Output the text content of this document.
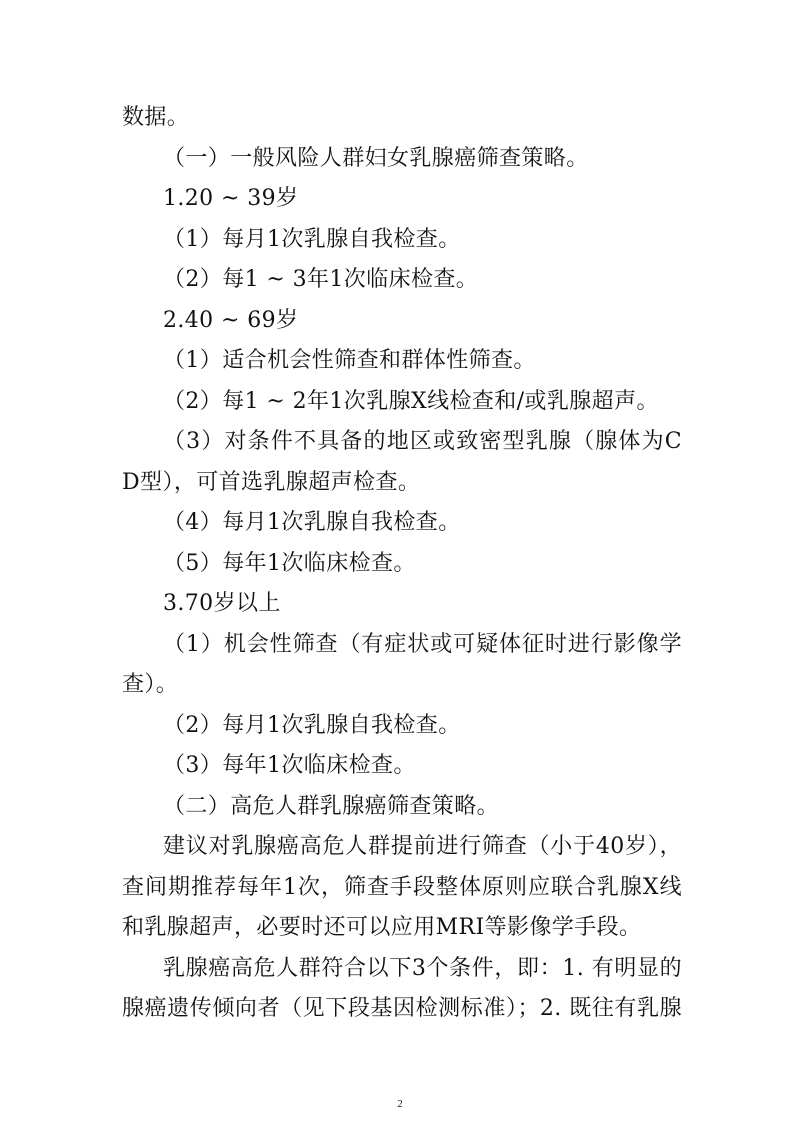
数据。
（一）一般风险人群妇女乳腺癌筛查策略。
1.20 ~ 39岁
（1）每月1次乳腺自我检查。
（2）每1 ~ 3年1次临床检查。
2.40 ~ 69岁
（1）适合机会性筛查和群体性筛查。
（2）每1 ~ 2年1次乳腺X线检查和/或乳腺超声。
（3）对条件不具备的地区或致密型乳腺（腺体为C
D型），可首选乳腺超声检查。
（4）每月1次乳腺自我检查。
（5）每年1次临床检查。
3.70岁以上
（1）机会性筛查（有症状或可疑体征时进行影像学
查）。
（2）每月1次乳腺自我检查。
（3）每年1次临床检查。
（二）高危人群乳腺癌筛查策略。
建议对乳腺癌高危人群提前进行筛查（小于40岁），
查间期推荐每年1次，筛查手段整体原则应联合乳腺X线
和乳腺超声，必要时还可以应用MRI等影像学手段。
乳腺癌高危人群符合以下3个条件，即：1. 有明显的
腺癌遗传倾向者（见下段基因检测标准）；2. 既往有乳腺
2
